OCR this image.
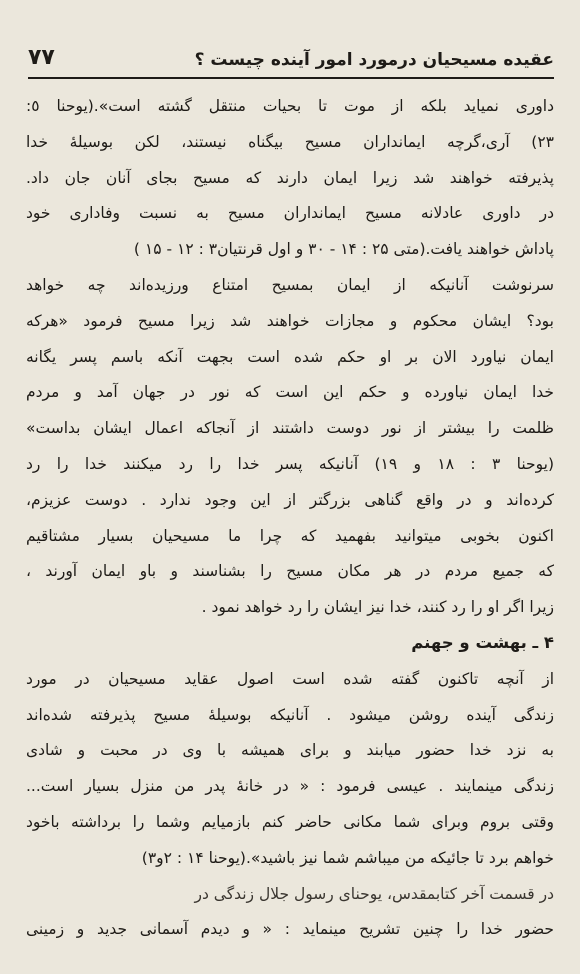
عقیده مسیحیان درمورد امور آینده چیست ؟
۷۷
داوری نمیاید بلکه از موت تا بحیات منتقل گشته است».(یوحنا ٥:
۲۳) آری،گرچه ایمانداران مسیح بیگناه نیستند، لکن بوسیلهٔ خدا
پذیرفته خواهند شد زیرا ایمان دارند که مسیح بجای آنان جان داد.
در داوری عادلانه مسیح ایمانداران مسیح به نسبت وفاداری خود
پاداش خواهند یافت.(متی ۲۵ : ۱۴ - ۳۰ و اول قرنتیان۳ : ۱۲ - ۱۵ )
سرنوشت آنانیکه از ایمان بمسیح امتناع ورزیده‌اند چه خواهد
بود؟ ایشان محکوم و مجازات خواهند شد زیرا مسیح فرمود «هرکه
ایمان نیاورد الان بر او حکم شده است بجهت آنکه باسم پسر یگانه
خدا ایمان نیاورده و حکم این است که نور در جهان آمد و مردم
ظلمت را بیشتر از نور دوست داشتند از آنجاکه اعمال ایشان بداست»
(یوحنا ۳ : ۱۸ و ۱۹) آنانیکه پسر خدا را رد میکنند خدا را رد
کرده‌اند و در واقع گناهی بزرگتر از این وجود ندارد . دوست عزیزم،
اکنون بخوبی میتوانید بفهمید که چرا ما مسیحیان بسیار مشتاقیم
که جمیع مردم در هر مکان مسیح را بشناسند و باو ایمان آورند ،
زیرا اگر او را رد کنند، خدا نیز ایشان را رد خواهد نمود .
۴ ـ بهشت و جهنم
از آنچه تاکنون گفته شده است اصول عقاید مسیحیان در مورد
زندگی آینده روشن میشود . آنانیکه بوسیلهٔ مسیح پذیرفته شده‌اند
به نزد خدا حضور میابند و برای همیشه با وی در محبت و شادی
زندگی مینمایند . عیسی فرمود : « در خانهٔ پدر من منزل بسیار است...
وقتی بروم وبرای شما مکانی حاضر کنم بازمیایم وشما را برداشته باخود
خواهم برد تا جائیکه من میباشم شما نیز باشید».(یوحنا ۱۴ : ۲و۳)
در قسمت آخر کتابمقدس، یوحنای رسول جلال زندگی در
حضور خدا را چنین تشریح مینماید : « و دیدم آسمانی جدید و زمینی
